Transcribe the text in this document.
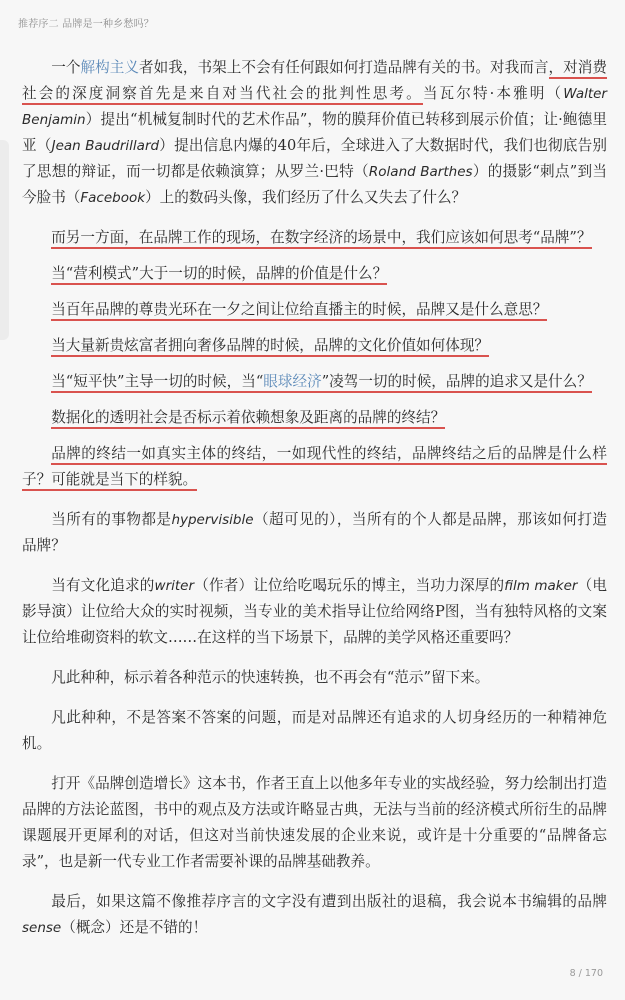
推荐序二 品牌是一种乡愁吗？

一个解构主义者如我，书架上不会有任何跟如何打造品牌有关的书。对我而言，对消费社会的深度洞察首先是来自对当代社会的批判性思考。当瓦尔特·本雅明（Walter Benjamin）提出“机械复制时代的艺术作品”，物的膜拜价值已转移到展示价值；让·鲍德里亚（Jean Baudrillard）提出信息内爆的40年后，全球进入了大数据时代，我们也彻底告别了思想的辩证，而一切都是依赖演算；从罗兰·巴特（Roland Barthes）的摄影“刺点”到当今脸书（Facebook）上的数码头像，我们经历了什么又失去了什么？

而另一方面，在品牌工作的现场，在数字经济的场景中，我们应该如何思考“品牌”？

当“营利模式”大于一切的时候，品牌的价值是什么？

当百年品牌的尊贵光环在一夕之间让位给直播主的时候，品牌又是什么意思？

当大量新贵炫富者拥向奢侈品牌的时候，品牌的文化价值如何体现？

当“短平快”主导一切的时候，当“眼球经济”凌驾一切的时候，品牌的追求又是什么？

数据化的透明社会是否标示着依赖想象及距离的品牌的终结？

品牌的终结一如真实主体的终结，一如现代性的终结，品牌终结之后的品牌是什么样子？可能就是当下的样貌。

当所有的事物都是hypervisible（超可见的），当所有的个人都是品牌，那该如何打造品牌？

当有文化追求的writer（作者）让位给吃喝玩乐的博主，当功力深厚的film maker（电影导演）让位给大众的实时视频，当专业的美术指导让位给网络P图，当有独特风格的文案让位给堆砌资料的软文……在这样的当下场景下，品牌的美学风格还重要吗？

凡此种种，标示着各种范示的快速转换，也不再会有“范示”留下来。

凡此种种，不是答案不答案的问题，而是对品牌还有追求的人切身经历的一种精神危机。

打开《品牌创造增长》这本书，作者王直上以他多年专业的实战经验，努力绘制出打造品牌的方法论蓝图，书中的观点及方法或许略显古典，无法与当前的经济模式所衍生的品牌课题展开更犀利的对话，但这对当前快速发展的企业来说，或许是十分重要的“品牌备忘录”，也是新一代专业工作者需要补课的品牌基础教养。

最后，如果这篇不像推荐序言的文字没有遭到出版社的退稿，我会说本书编辑的品牌sense（概念）还是不错的！

8 / 170
